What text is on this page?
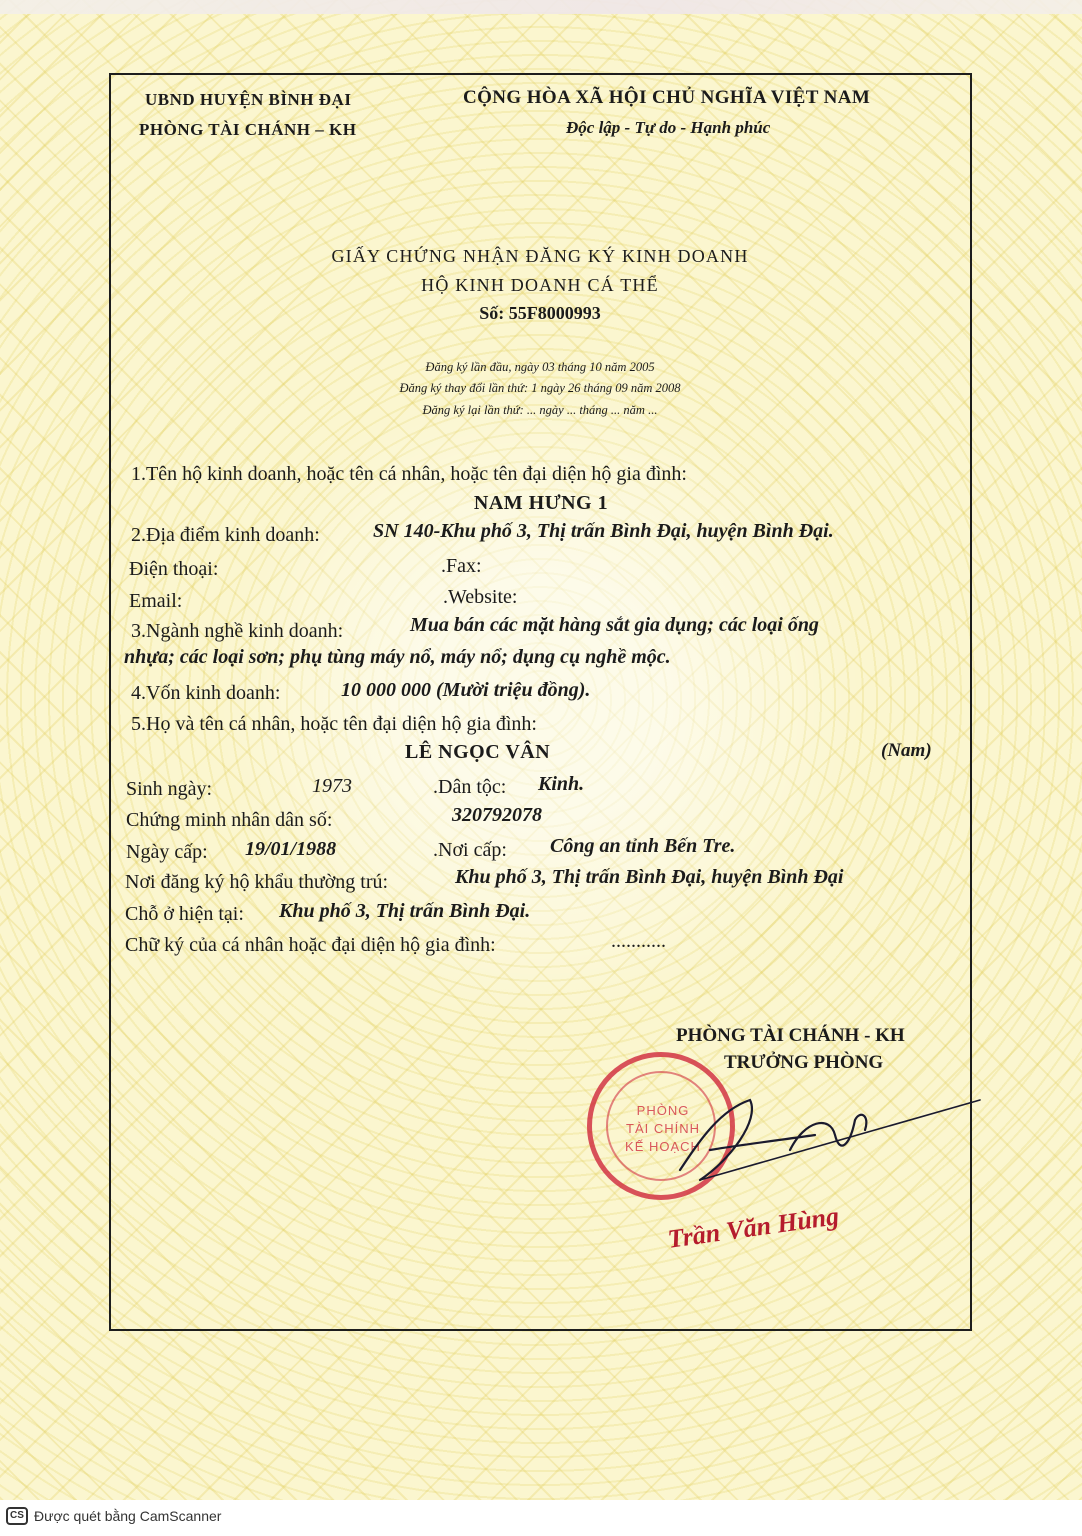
UBND HUYỆN BÌNH ĐẠI
PHÒNG TÀI CHÁNH – KH
CỘNG HÒA XÃ HỘI CHỦ NGHĨA VIỆT NAM
Độc lập - Tự do - Hạnh phúc
GIẤY CHỨNG NHẬN ĐĂNG KÝ KINH DOANH
HỘ KINH DOANH CÁ THỂ
Số: 55F8000993
Đăng ký lần đầu, ngày 03 tháng 10 năm 2005
Đăng ký thay đổi lần thứ: 1 ngày 26 tháng 09 năm 2008
Đăng ký lại lần thứ: ... ngày ... tháng ... năm ...
1.Tên hộ kinh doanh, hoặc tên cá nhân, hoặc tên đại diện hộ gia đình:
NAM HƯNG 1
2.Địa điểm kinh doanh:	SN 140-Khu phố 3, Thị trấn Bình Đại, huyện Bình Đại.
Điện thoại:	.Fax:
Email:	.Website:
3.Ngành nghề kinh doanh:	Mua bán các mặt hàng sắt gia dụng; các loại ống
nhựa; các loại sơn; phụ tùng máy nổ, máy nổ; dụng cụ nghề mộc.
4.Vốn kinh doanh:	10 000 000 (Mười triệu đồng).
5.Họ và tên cá nhân, hoặc tên đại diện hộ gia đình:
LÊ NGỌC VÂN	(Nam)
Sinh ngày:	1973	.Dân tộc: Kinh.
Chứng minh nhân dân số:	320792078
Ngày cấp: 19/01/1988	.Nơi cấp: Công an tỉnh Bến Tre.
Nơi đăng ký hộ khẩu thường trú:	Khu phố 3, Thị trấn Bình Đại, huyện Bình Đại
Chỗ ở hiện tại: Khu phố 3, Thị trấn Bình Đại.
Chữ ký của cá nhân hoặc đại diện hộ gia đình:	...........
PHÒNG TÀI CHÁNH - KH
TRƯỞNG PHÒNG
PHÒNG
TÀI CHÍNH
KẾ HOẠCH
Trần Văn Hùng
CS Được quét bằng CamScanner
